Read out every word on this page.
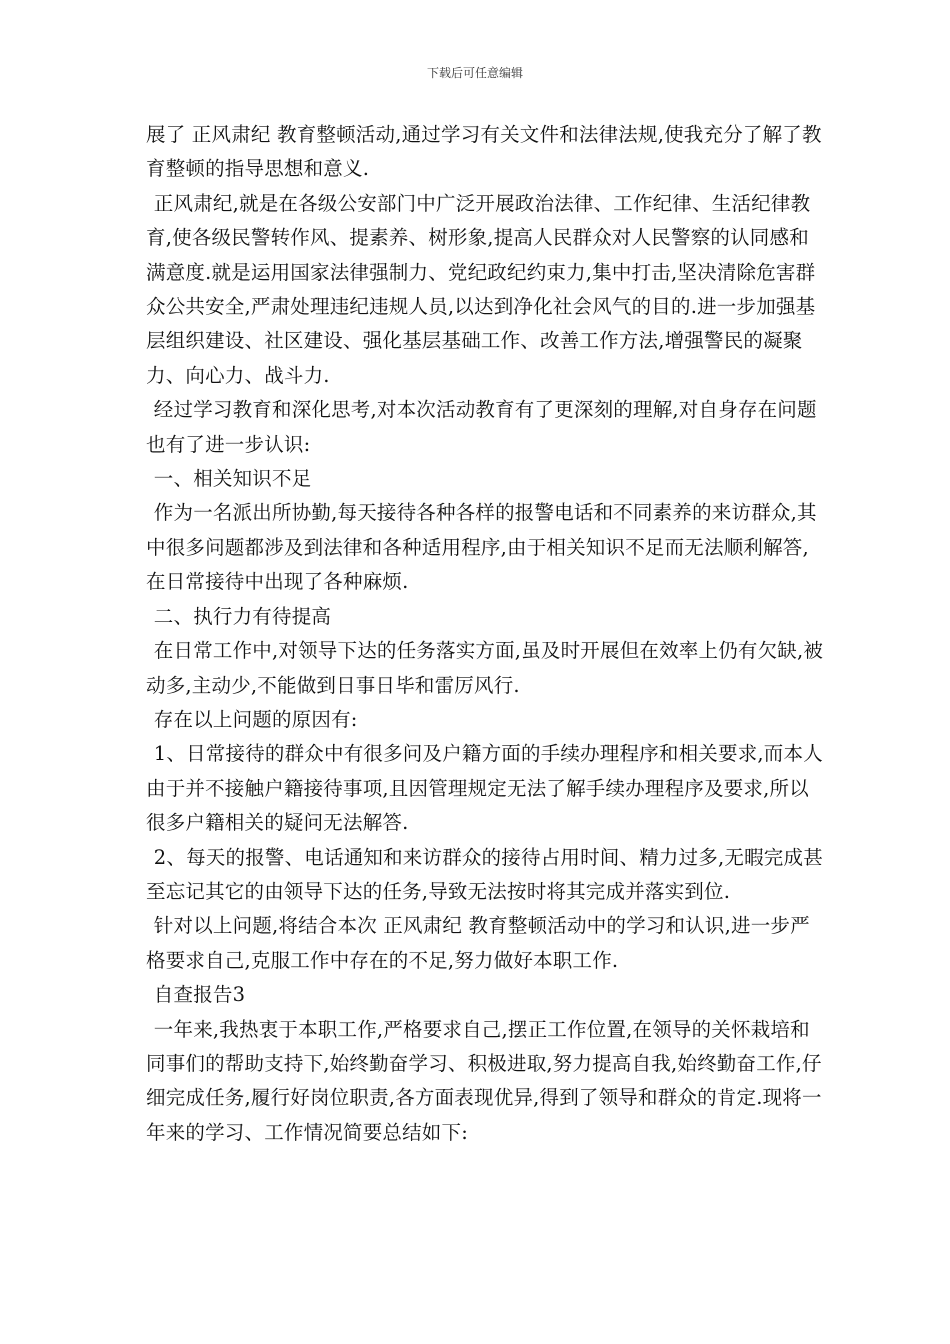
下载后可任意编辑

展了 正风肃纪 教育整顿活动,通过学习有关文件和法律法规,使我充分了解了教育整顿的指导思想和意义.

正风肃纪,就是在各级公安部门中广泛开展政治法律、工作纪律、生活纪律教育,使各级民警转作风、提素养、树形象,提高人民群众对人民警察的认同感和满意度.就是运用国家法律强制力、党纪政纪约束力,集中打击,坚决清除危害群众公共安全,严肃处理违纪违规人员,以达到净化社会风气的目的.进一步加强基层组织建设、社区建设、强化基层基础工作、改善工作方法,增强警民的凝聚力、向心力、战斗力.

经过学习教育和深化思考,对本次活动教育有了更深刻的理解,对自身存在问题也有了进一步认识:

一、相关知识不足

作为一名派出所协勤,每天接待各种各样的报警电话和不同素养的来访群众,其中很多问题都涉及到法律和各种适用程序,由于相关知识不足而无法顺利解答,在日常接待中出现了各种麻烦.

二、执行力有待提高

在日常工作中,对领导下达的任务落实方面,虽及时开展但在效率上仍有欠缺,被动多,主动少,不能做到日事日毕和雷厉风行.

存在以上问题的原因有:

1、日常接待的群众中有很多问及户籍方面的手续办理程序和相关要求,而本人由于并不接触户籍接待事项,且因管理规定无法了解手续办理程序及要求,所以很多户籍相关的疑问无法解答.

2、每天的报警、电话通知和来访群众的接待占用时间、精力过多,无暇完成甚至忘记其它的由领导下达的任务,导致无法按时将其完成并落实到位.

针对以上问题,将结合本次 正风肃纪 教育整顿活动中的学习和认识,进一步严格要求自己,克服工作中存在的不足,努力做好本职工作.

自查报告3

一年来,我热衷于本职工作,严格要求自己,摆正工作位置,在领导的关怀栽培和同事们的帮助支持下,始终勤奋学习、积极进取,努力提高自我,始终勤奋工作,仔细完成任务,履行好岗位职责,各方面表现优异,得到了领导和群众的肯定.现将一年来的学习、工作情况简要总结如下:
